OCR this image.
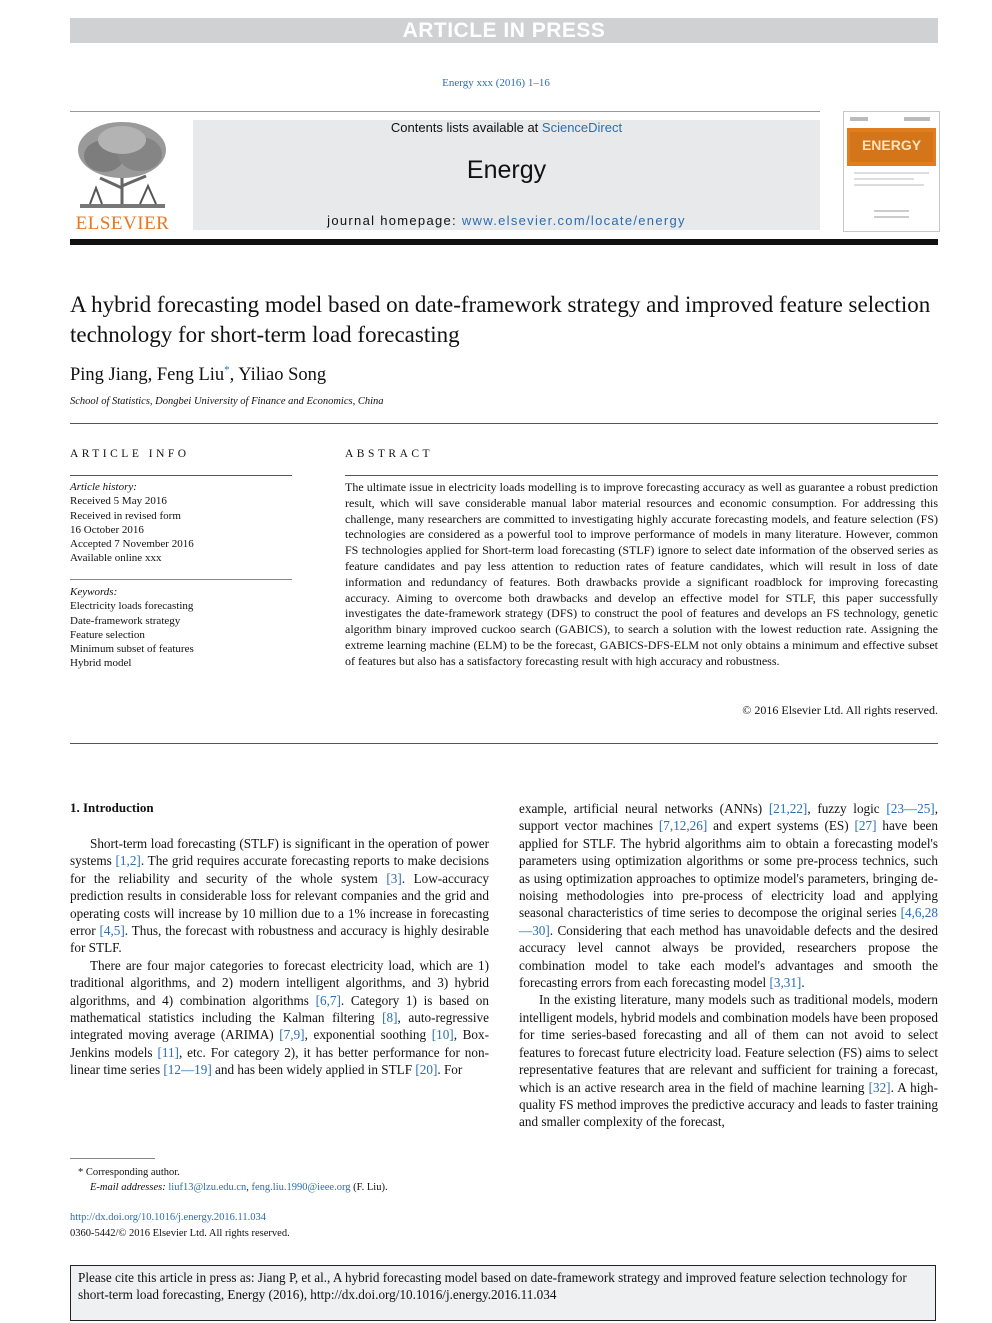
ARTICLE IN PRESS
Energy xxx (2016) 1–16
ELSEVIER
Contents lists available at ScienceDirect
Energy
journal homepage: www.elsevier.com/locate/energy
ENERGY
A hybrid forecasting model based on date-framework strategy and improved feature selection technology for short-term load forecasting
Ping Jiang, Feng Liu*, Yiliao Song
School of Statistics, Dongbei University of Finance and Economics, China
ARTICLE INFO
Article history:
Received 5 May 2016
Received in revised form
16 October 2016
Accepted 7 November 2016
Available online xxx
Keywords:
Electricity loads forecasting
Date-framework strategy
Feature selection
Minimum subset of features
Hybrid model
ABSTRACT
The ultimate issue in electricity loads modelling is to improve forecasting accuracy as well as guarantee a robust prediction result, which will save considerable manual labor material resources and economic consumption. For addressing this challenge, many researchers are committed to investigating highly accurate forecasting models, and feature selection (FS) technologies are considered as a powerful tool to improve performance of models in many literature. However, common FS technologies applied for Short-term load forecasting (STLF) ignore to select date information of the observed series as feature candidates and pay less attention to reduction rates of feature candidates, which will result in loss of date information and redundancy of features. Both drawbacks provide a significant roadblock for improving forecasting accuracy. Aiming to overcome both drawbacks and develop an effective model for STLF, this paper successfully investigates the date-framework strategy (DFS) to construct the pool of features and develops an FS technology, genetic algorithm binary improved cuckoo search (GABICS), to search a solution with the lowest reduction rate. Assigning the extreme learning machine (ELM) to be the forecast, GABICS-DFS-ELM not only obtains a minimum and effective subset of features but also has a satisfactory forecasting result with high accuracy and robustness.
© 2016 Elsevier Ltd. All rights reserved.
1. Introduction

Short-term load forecasting (STLF) is significant in the operation of power systems [1,2]. The grid requires accurate forecasting reports to make decisions for the reliability and security of the whole system [3]. Low-accuracy prediction results in considerable loss for relevant companies and the grid and operating costs will increase by 10 million due to a 1% increase in forecasting error [4,5]. Thus, the forecast with robustness and accuracy is highly desirable for STLF.

There are four major categories to forecast electricity load, which are 1) traditional algorithms, and 2) modern intelligent algorithms, and 3) hybrid algorithms, and 4) combination algorithms [6,7]. Category 1) is based on mathematical statistics including the Kalman filtering [8], auto-regressive integrated moving average (ARIMA) [7,9], exponential soothing [10], Box-Jenkins models [11], etc. For category 2), it has better performance for non-linear time series [12—19] and has been widely applied in STLF [20]. For

example, artificial neural networks (ANNs) [21,22], fuzzy logic [23—25], support vector machines [7,12,26] and expert systems (ES) [27] have been applied for STLF. The hybrid algorithms aim to obtain a forecasting model's parameters using optimization algorithms or some pre-process technics, such as using optimization approaches to optimize model's parameters, bringing de-noising methodologies into pre-process of electricity load and applying seasonal characteristics of time series to decompose the original series [4,6,28—30]. Considering that each method has unavoidable defects and the desired accuracy level cannot always be provided, researchers propose the combination model to take each model's advantages and smooth the forecasting errors from each forecasting model [3,31].

In the existing literature, many models such as traditional models, modern intelligent models, hybrid models and combination models have been proposed for time series-based forecasting and all of them can not avoid to select features to forecast future electricity load. Feature selection (FS) aims to select representative features that are relevant and sufficient for training a forecast, which is an active research area in the field of machine learning [32]. A high-quality FS method improves the predictive accuracy and leads to faster training and smaller complexity of the forecast,

* Corresponding author.
E-mail addresses: liuf13@lzu.edu.cn, feng.liu.1990@ieee.org (F. Liu).
http://dx.doi.org/10.1016/j.energy.2016.11.034
0360-5442/© 2016 Elsevier Ltd. All rights reserved.
Please cite this article in press as: Jiang P, et al., A hybrid forecasting model based on date-framework strategy and improved feature selection technology for short-term load forecasting, Energy (2016), http://dx.doi.org/10.1016/j.energy.2016.11.034
